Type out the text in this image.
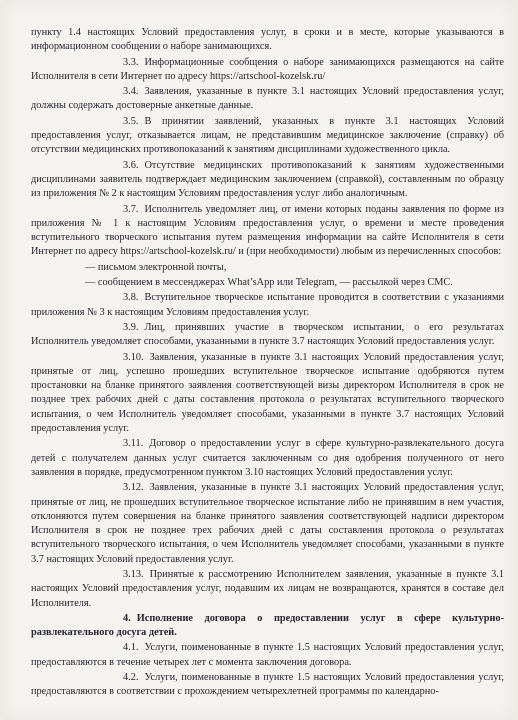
пункту 1.4 настоящих Условий предоставления услуг, в сроки и в месте, которые указываются в информационном сообщении о наборе занимающихся.

3.3. Информационные сообщения о наборе занимающихся размещаются на сайте Исполнителя в сети Интернет по адресу https://artschool-kozelsk.ru/

3.4. Заявления, указанные в пункте 3.1 настоящих Условий предоставления услуг, должны содержать достоверные анкетные данные.

3.5. В принятии заявлений, указанных в пункте 3.1 настоящих Условий предоставления услуг, отказывается лицам, не представившим медицинское заключение (справку) об отсутствии медицинских противопоказаний к занятиям дисциплинами художественного цикла.

3.6. Отсутствие медицинских противопоказаний к занятиям художественными дисциплинами заявитель подтверждает медицинским заключением (справкой), составленным по образцу из приложения № 2 к настоящим Условиям предоставления услуг либо аналогичным.

3.7. Исполнитель уведомляет лиц, от имени которых поданы заявления по форме из приложения № 1 к настоящим Условиям предоставления услуг, о времени и месте проведения вступительного творческого испытания путем размещения информации на сайте Исполнителя в сети Интернет по адресу https://artschool-kozelsk.ru/ и (при необходимости) любым из перечисленных способов:

— письмом электронной почты,

— сообщением в мессенджерах What’sApp или Telegram, — рассылкой через СМС.

3.8. Вступительное творческое испытание проводится в соответствии с указаниями приложения № 3 к настоящим Условиям предоставления услуг.

3.9. Лиц, принявших участие в творческом испытании, о его результатах Исполнитель уведомляет способами, указанными в пункте 3.7 настоящих Условий предоставления услуг.

3.10. Заявления, указанные в пункте 3.1 настоящих Условий предоставления услуг, принятые от лиц, успешно прошедших вступительное творческое испытание одобряются путем простановки на бланке принятого заявления соответствующей визы директором Исполнителя в срок не позднее трех рабочих дней с даты составления протокола о результатах вступительного творческого испытания, о чем Исполнитель уведомляет способами, указанными в пункте 3.7 настоящих Условий предоставления услуг.

3.11. Договор о предоставлении услуг в сфере культурно-развлекательного досуга детей с получателем данных услуг считается заключенным со дня одобрения полученного от него заявления в порядке, предусмотренном пунктом 3.10 настоящих Условий предоставления услуг.

3.12. Заявления, указанные в пункте 3.1 настоящих Условий предоставления услуг, принятые от лиц, не прошедших вступительное творческое испытание либо не принявшим в нем участия, отклоняются путем совершения на бланке принятого заявления соответствующей надписи директором Исполнителя в срок не позднее трех рабочих дней с даты составления протокола о результатах вступительного творческого испытания, о чем Исполнитель уведомляет способами, указанными в пункте 3.7 настоящих Условий предоставления услуг.

3.13. Принятые к рассмотрению Исполнителем заявления, указанные в пункте 3.1 настоящих Условий предоставления услуг, подавшим их лицам не возвращаются, хранятся в составе дел Исполнителя.

4. Исполнение договора о предоставлении услуг в сфере культурно-развлекательного досуга детей.

4.1. Услуги, поименованные в пункте 1.5 настоящих Условий предоставления услуг, предоставляются в течение четырех лет с момента заключения договора.

4.2. Услуги, поименованные в пункте 1.5 настоящих Условий предоставления услуг, предоставляются в соответствии с прохождением четырехлетней программы по календарно-
